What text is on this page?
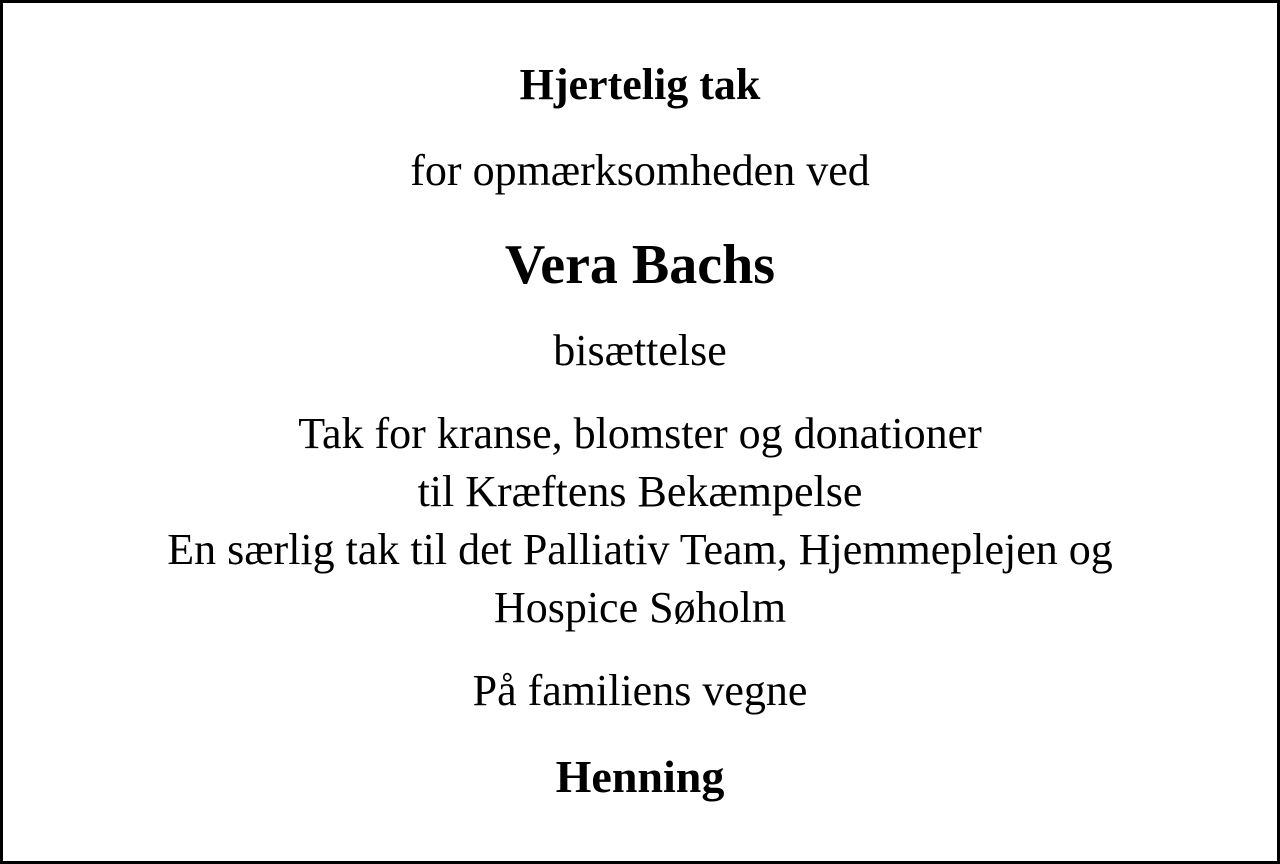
Hjertelig tak

for opmærksomheden ved

Vera Bachs

bisættelse

Tak for kranse, blomster og donationer
til Kræftens Bekæmpelse
En særlig tak til det Palliativ Team, Hjemmeplejen og
Hospice Søholm

På familiens vegne

Henning
